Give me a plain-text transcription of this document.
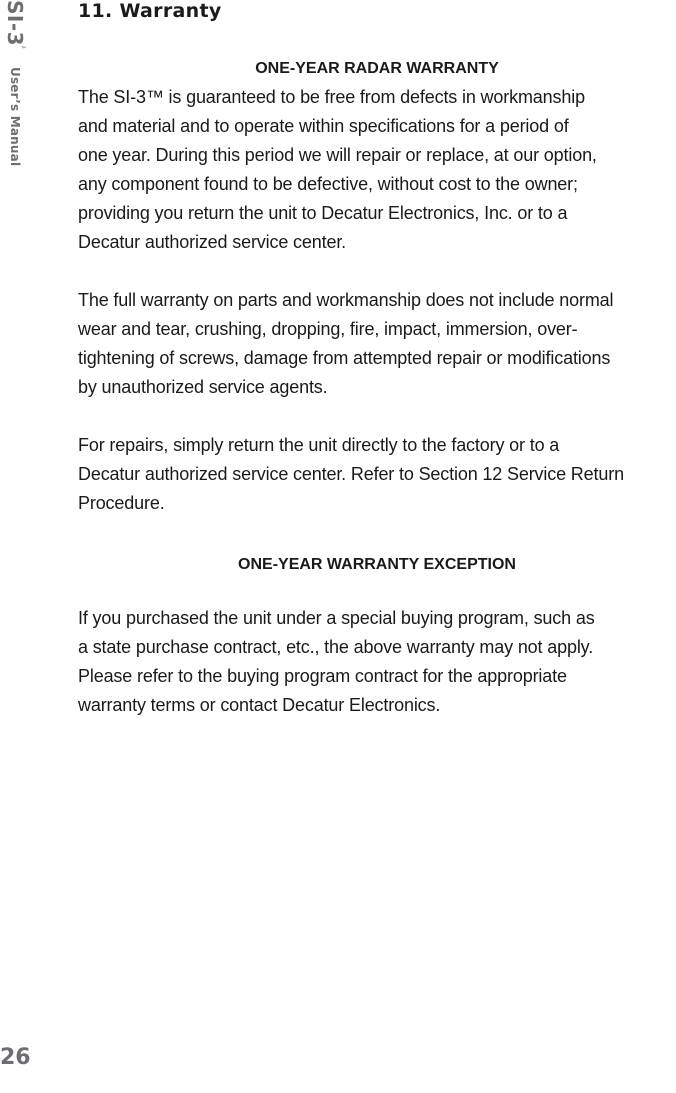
SI-3™ User’s Manual
26
11. Warranty
ONE-YEAR RADAR WARRANTY

The SI-3™ is guaranteed to be free from defects in workmanship
and material and to operate within specifications for a period of
one year. During this period we will repair or replace, at our option,
any component found to be defective, without cost to the owner;
providing you return the unit to Decatur Electronics, Inc. or to a
Decatur authorized service center.

The full warranty on parts and workmanship does not include normal
wear and tear, crushing, dropping, fire, impact, immersion, over-
tightening of screws, damage from attempted repair or modifications
by unauthorized service agents.

For repairs, simply return the unit directly to the factory or to a
Decatur authorized service center. Refer to Section 12 Service Return
Procedure.

ONE-YEAR WARRANTY EXCEPTION

If you purchased the unit under a special buying program, such as
a state purchase contract, etc., the above warranty may not apply.
Please refer to the buying program contract for the appropriate
warranty terms or contact Decatur Electronics.
